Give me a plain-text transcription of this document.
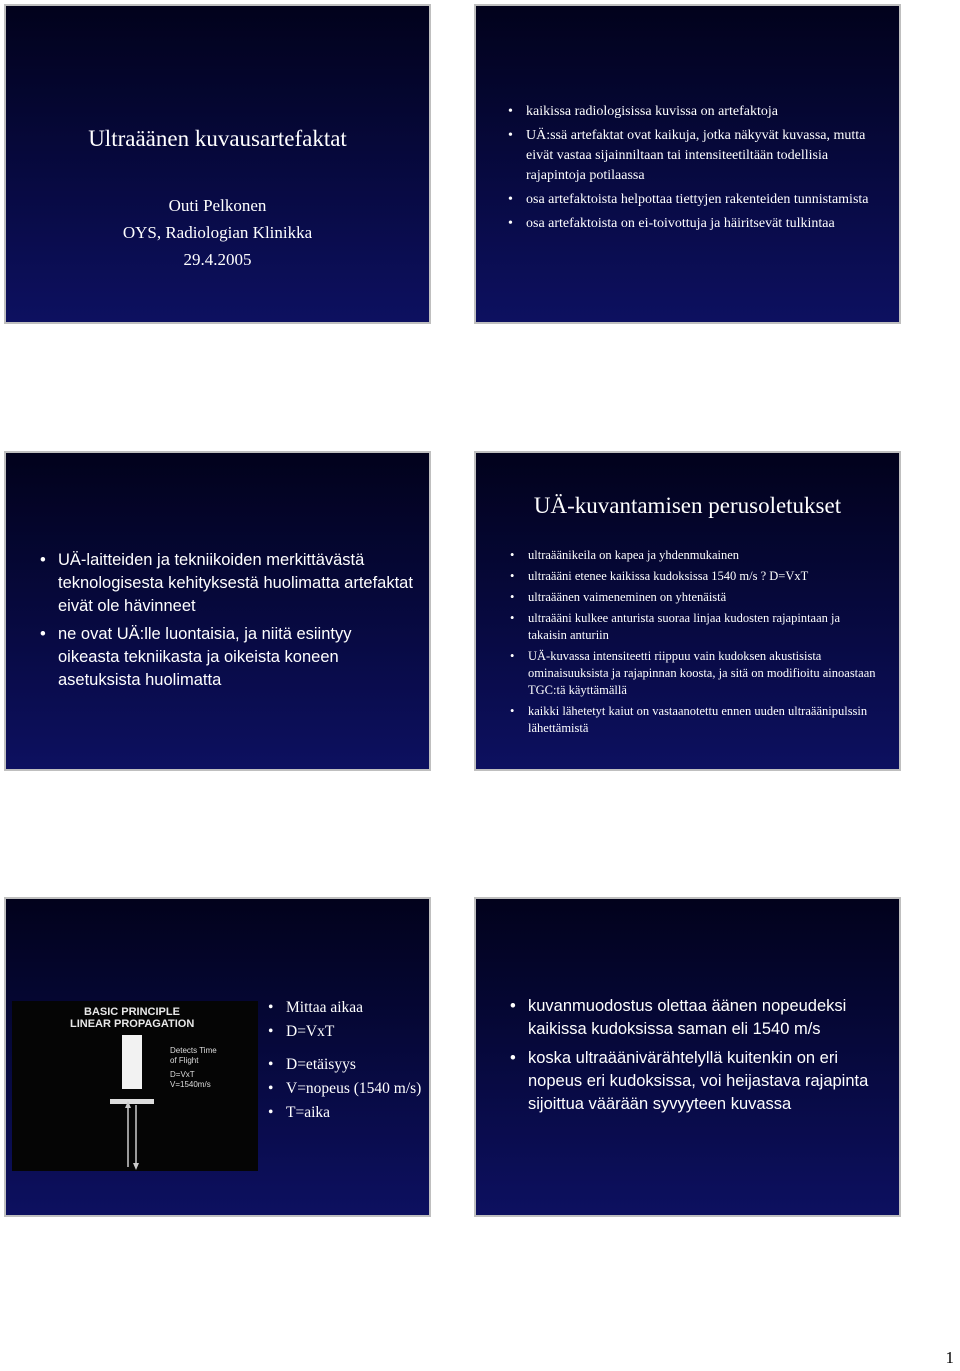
Ultraäänen kuvausartefaktat
Outi Pelkonen
OYS, Radiologian Klinikka
29.4.2005
• kaikissa radiologisissa kuvissa on artefaktoja
• UÄ:ssä artefaktat ovat kaikuja, jotka näkyvät kuvassa, mutta eivät vastaa sijainniltaan tai intensiteetiltään todellisia rajapintoja potilaassa
• osa artefaktoista helpottaa tiettyjen rakenteiden tunnistamista
• osa artefaktoista on ei-toivottuja ja häiritsevät tulkintaa
• UÄ-laitteiden ja tekniikoiden merkittävästä teknologisesta kehityksestä huolimatta artefaktat eivät ole hävinneet
• ne ovat UÄ:lle luontaisia, ja niitä esiintyy oikeasta tekniikasta ja oikeista koneen asetuksista huolimatta
UÄ-kuvantamisen perusoletukset
• ultraäänikeila on kapea ja yhdenmukainen
• ultraääni etenee kaikissa kudoksissa 1540 m/s ? D=VxT
• ultraäänen vaimeneminen on yhtenäistä
• ultraääni kulkee anturista suoraa linjaa kudosten rajapintaan ja takaisin anturiin
• UÄ-kuvassa intensiteetti riippuu vain kudoksen akustisista ominaisuuksista ja rajapinnan koosta, ja sitä on modifioitu ainoastaan TGC:tä käyttämällä
• kaikki lähetetyt kaiut on vastaanotettu ennen uuden ultraäänipulssin lähettämistä
BASIC PRINCIPLE
LINEAR PROPAGATION
Detects Time
of Flight
D=VxT
V=1540m/s
• Mittaa aikaa
• D=VxT
• D=etäisyys
• V=nopeus (1540 m/s)
• T=aika
• kuvanmuodostus olettaa äänen nopeudeksi kaikissa kudoksissa saman eli 1540 m/s
• koska ultraäänivärähtelyllä kuitenkin on eri nopeus eri kudoksissa, voi heijastava rajapinta sijoittua väärään syvyyteen kuvassa
1
